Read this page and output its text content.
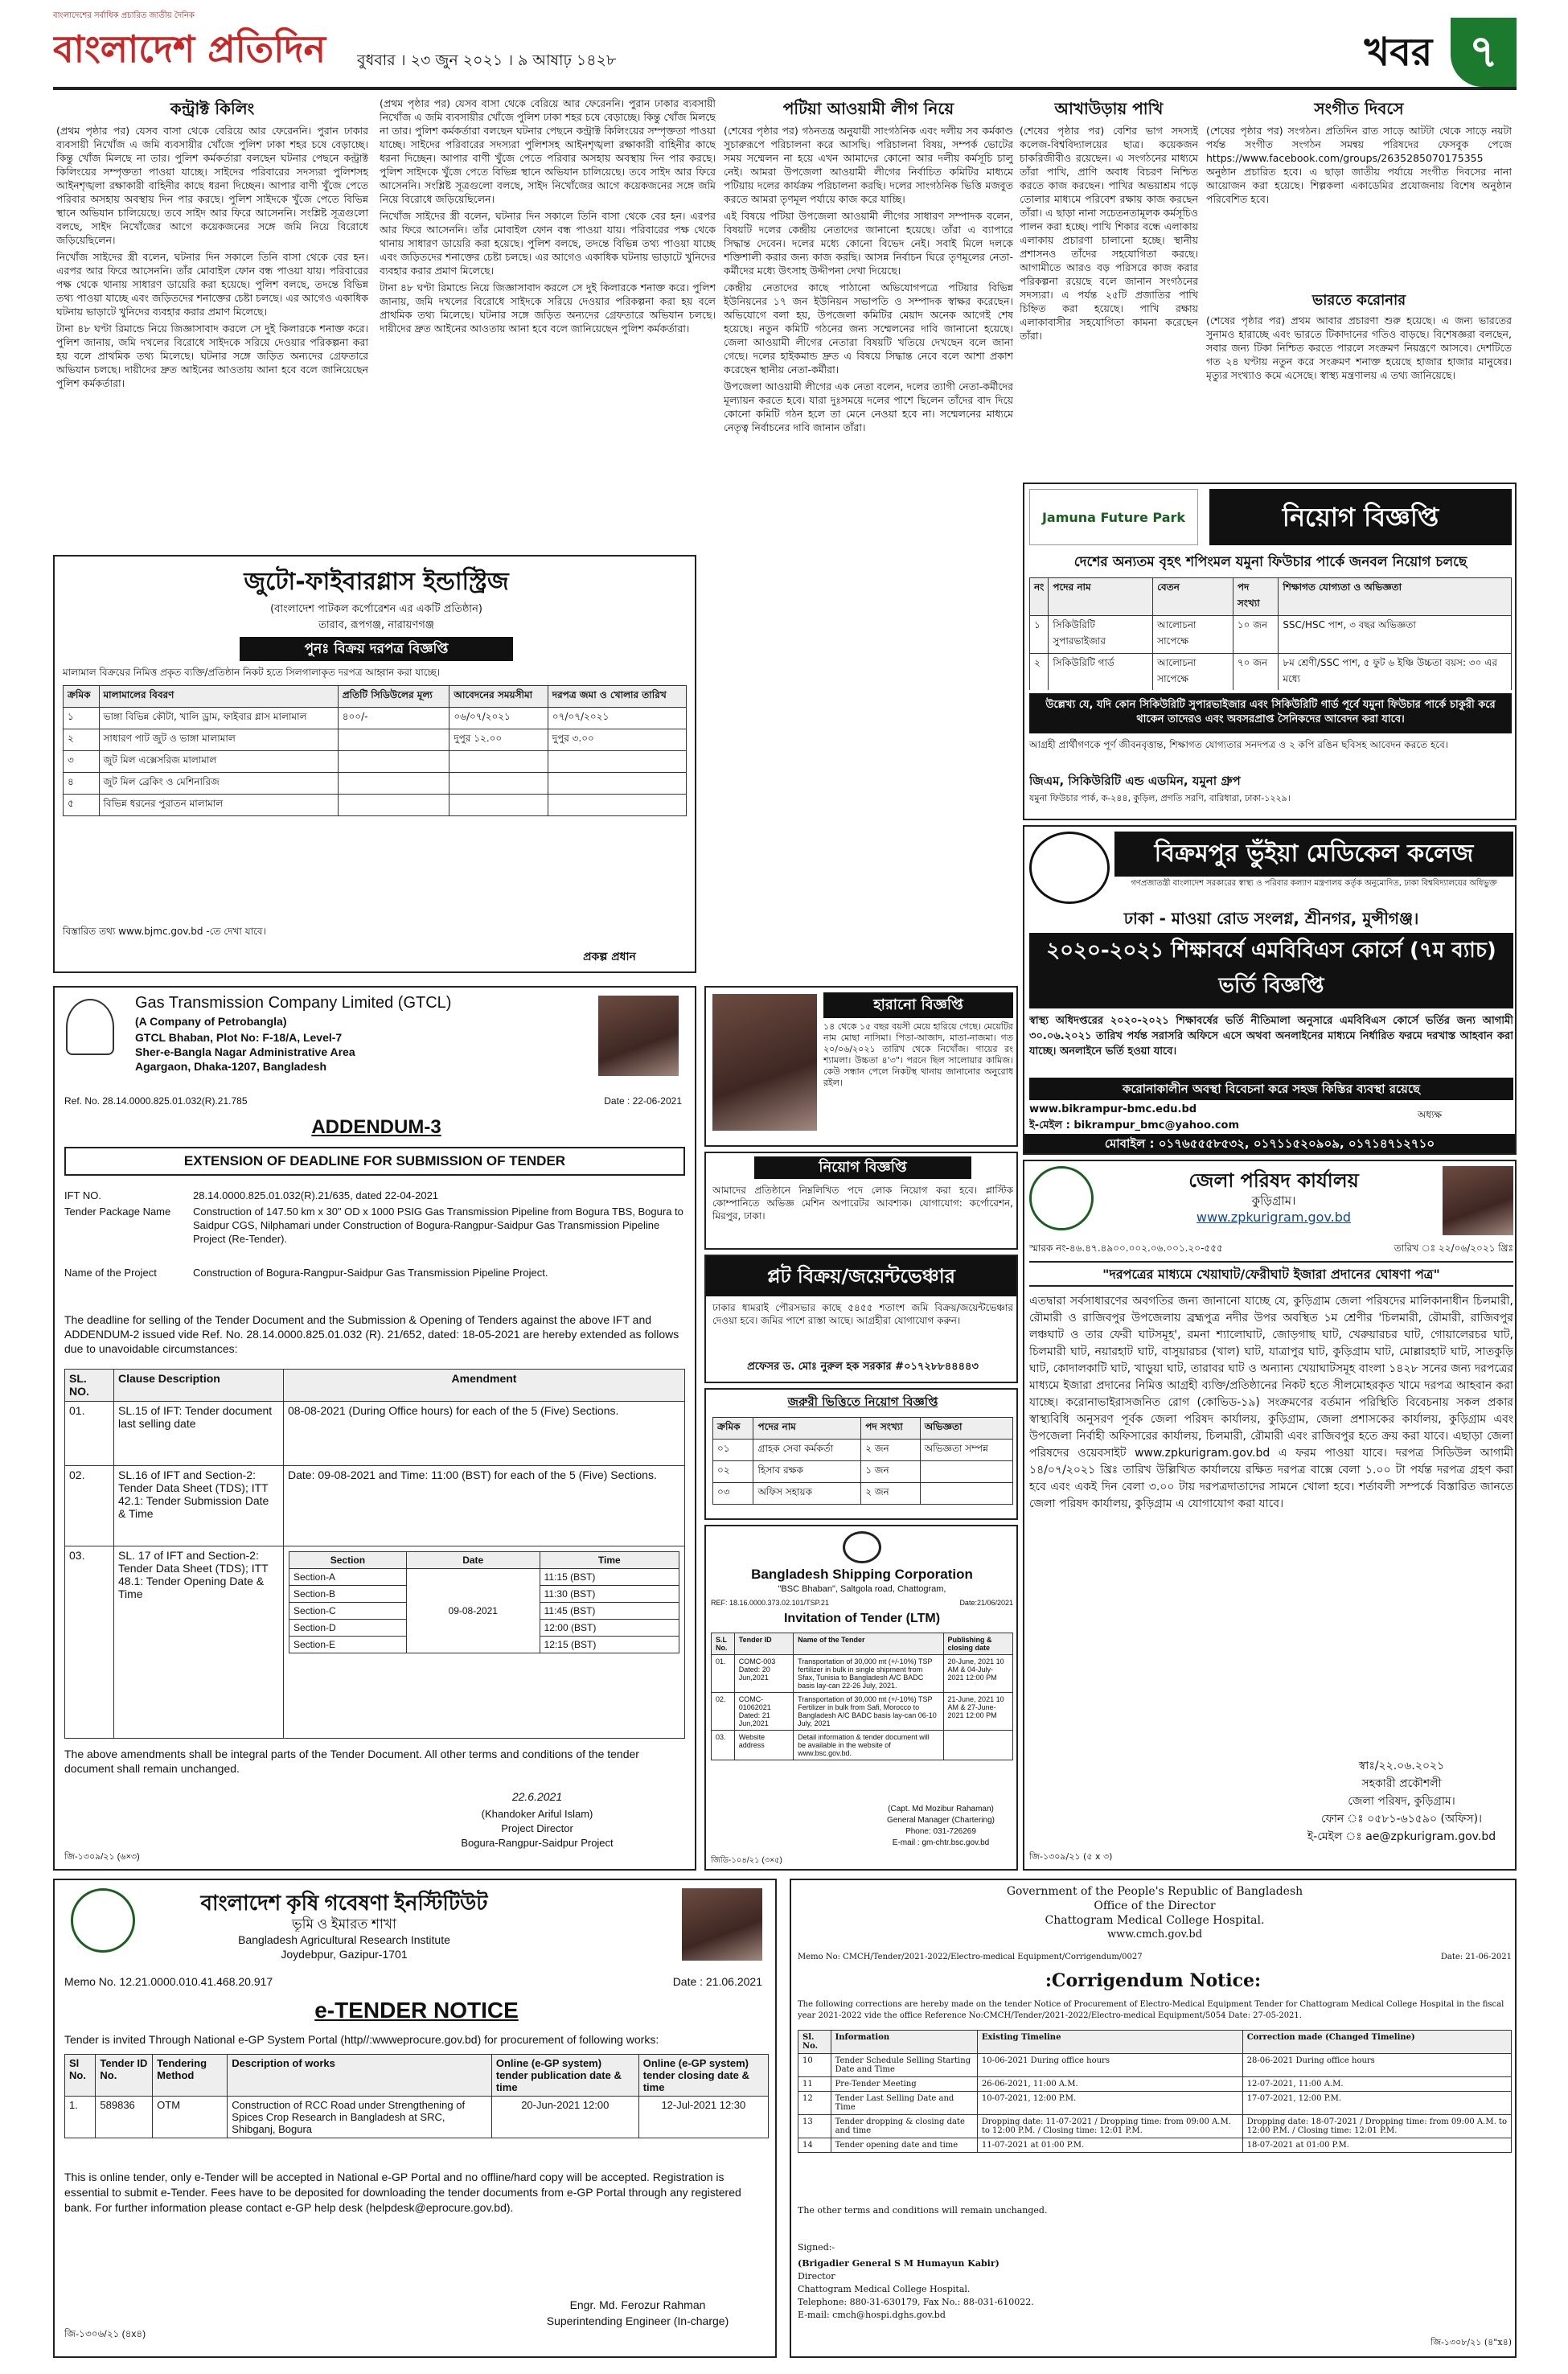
বাংলাদেশের সর্বাধিক প্রচারিত জাতীয় দৈনিক
বাংলাদেশ প্রতিদিন	বুধবার । ২৩ জুন ২০২১ । ৯ আষাঢ় ১৪২৮	খবর ৭
কন্ট্রাক্ট কিলিং

(প্রথম পৃষ্ঠার পর) যেসব বাসা থেকে বেরিয়ে আর ফেরেননি। পুরান ঢাকার ব্যবসায়ী নিখোঁজ এ জমি ব্যবসায়ীর খোঁজে পুলিশ ঢাকা শহর চষে বেড়াচ্ছে। কিন্তু খোঁজ মিলছে না তার। পুলিশ কর্মকর্তারা বলছেন ঘটনার পেছনে কন্ট্রাক্ট কিলিংয়ের সম্পৃক্ততা পাওয়া যাচ্ছে। সাইদের পরিবারের সদস্যরা পুলিশসহ আইনশৃঙ্খলা রক্ষাকারী বাহিনীর কাছে ধরনা দিচ্ছেন। আপার বাণী খুঁজে পেতে পরিবার অসহায় অবস্থায় দিন পার করছে। পুলিশ সাইদকে খুঁজে পেতে বিভিন্ন স্থানে অভিযান চালিয়েছে। তবে সাইদ আর ফিরে আসেননি। সংশ্লিষ্ট সূত্রগুলো বলছে, সাইদ নিখোঁজের আগে কয়েকজনের সঙ্গে জমি নিয়ে বিরোধে জড়িয়েছিলেন।

নিখোঁজ সাইদের স্ত্রী বলেন, ঘটনার দিন সকালে তিনি বাসা থেকে বের হন। এরপর আর ফিরে আসেননি। তাঁর মোবাইল ফোন বন্ধ পাওয়া যায়। পরিবারের পক্ষ থেকে থানায় সাধারণ ডায়েরি করা হয়েছে। পুলিশ বলছে, তদন্তে বিভিন্ন তথ্য পাওয়া যাচ্ছে এবং জড়িতদের শনাক্তের চেষ্টা চলছে। এর আগেও একাধিক ঘটনায় ভাড়াটে খুনিদের ব্যবহার করার প্রমাণ মিলেছে।

টানা ৪৮ ঘণ্টা রিমান্ডে নিয়ে জিজ্ঞাসাবাদ করলে সে দুই কিলারকে শনাক্ত করে। পুলিশ জানায়, জমি দখলের বিরোধে সাইদকে সরিয়ে দেওয়ার পরিকল্পনা করা হয় বলে প্রাথমিক তথ্য মিলেছে। ঘটনার সঙ্গে জড়িত অন্যদের গ্রেফতারে অভিযান চলছে। দায়ীদের দ্রুত আইনের আওতায় আনা হবে বলে জানিয়েছেন পুলিশ কর্মকর্তারা।

(প্রথম পৃষ্ঠার পর) যেসব বাসা থেকে বেরিয়ে আর ফেরেননি। পুরান ঢাকার ব্যবসায়ী নিখোঁজ এ জমি ব্যবসায়ীর খোঁজে পুলিশ ঢাকা শহর চষে বেড়াচ্ছে। কিন্তু খোঁজ মিলছে না তার। পুলিশ কর্মকর্তারা বলছেন ঘটনার পেছনে কন্ট্রাক্ট কিলিংয়ের সম্পৃক্ততা পাওয়া যাচ্ছে। সাইদের পরিবারের সদস্যরা পুলিশসহ আইনশৃঙ্খলা রক্ষাকারী বাহিনীর কাছে ধরনা দিচ্ছেন। আপার বাণী খুঁজে পেতে পরিবার অসহায় অবস্থায় দিন পার করছে। পুলিশ সাইদকে খুঁজে পেতে বিভিন্ন স্থানে অভিযান চালিয়েছে। তবে সাইদ আর ফিরে আসেননি। সংশ্লিষ্ট সূত্রগুলো বলছে, সাইদ নিখোঁজের আগে কয়েকজনের সঙ্গে জমি নিয়ে বিরোধে জড়িয়েছিলেন।

নিখোঁজ সাইদের স্ত্রী বলেন, ঘটনার দিন সকালে তিনি বাসা থেকে বের হন। এরপর আর ফিরে আসেননি। তাঁর মোবাইল ফোন বন্ধ পাওয়া যায়। পরিবারের পক্ষ থেকে থানায় সাধারণ ডায়েরি করা হয়েছে। পুলিশ বলছে, তদন্তে বিভিন্ন তথ্য পাওয়া যাচ্ছে এবং জড়িতদের শনাক্তের চেষ্টা চলছে। এর আগেও একাধিক ঘটনায় ভাড়াটে খুনিদের ব্যবহার করার প্রমাণ মিলেছে।

টানা ৪৮ ঘণ্টা রিমান্ডে নিয়ে জিজ্ঞাসাবাদ করলে সে দুই কিলারকে শনাক্ত করে। পুলিশ জানায়, জমি দখলের বিরোধে সাইদকে সরিয়ে দেওয়ার পরিকল্পনা করা হয় বলে প্রাথমিক তথ্য মিলেছে। ঘটনার সঙ্গে জড়িত অন্যদের গ্রেফতারে অভিযান চলছে। দায়ীদের দ্রুত আইনের আওতায় আনা হবে বলে জানিয়েছেন পুলিশ কর্মকর্তারা।

পটিয়া আওয়ামী লীগ নিয়ে

(শেষের পৃষ্ঠার পর) গঠনতন্ত্র অনুযায়ী সাংগঠনিক এবং দলীয় সব কর্মকাণ্ড সুচারুরূপে পরিচালনা করে আসছি। পরিচালনা বিষয়, সম্পর্ক ভোটের সময় সম্মেলন না হয়ে এখন আমাদের কোনো আর দলীয় কর্মসূচি চালু নেই। আমরা উপজেলা আওয়ামী লীগের নির্বাচিত কমিটির মাধ্যমে পটিয়ায় দলের কার্যক্রম পরিচালনা করছি। দলের সাংগঠনিক ভিত্তি মজবুত করতে আমরা তৃণমূল পর্যায়ে কাজ করে যাচ্ছি।

এই বিষয়ে পটিয়া উপজেলা আওয়ামী লীগের সাধারণ সম্পাদক বলেন, বিষয়টি দলের কেন্দ্রীয় নেতাদের জানানো হয়েছে। তাঁরা এ ব্যাপারে সিদ্ধান্ত দেবেন। দলের মধ্যে কোনো বিভেদ নেই। সবাই মিলে দলকে শক্তিশালী করার জন্য কাজ করছি। আসন্ন নির্বাচন ঘিরে তৃণমূলের নেতা-কর্মীদের মধ্যে উৎসাহ উদ্দীপনা দেখা দিয়েছে।

কেন্দ্রীয় নেতাদের কাছে পাঠানো অভিযোগপত্রে পটিয়ার বিভিন্ন ইউনিয়নের ১৭ জন ইউনিয়ন সভাপতি ও সম্পাদক স্বাক্ষর করেছেন। অভিযোগে বলা হয়, উপজেলা কমিটির মেয়াদ অনেক আগেই শেষ হয়েছে। নতুন কমিটি গঠনের জন্য সম্মেলনের দাবি জানানো হয়েছে। জেলা আওয়ামী লীগের নেতারা বিষয়টি খতিয়ে দেখছেন বলে জানা গেছে। দলের হাইকমান্ড দ্রুত এ বিষয়ে সিদ্ধান্ত নেবে বলে আশা প্রকাশ করেছেন স্থানীয় নেতা-কর্মীরা।

উপজেলা আওয়ামী লীগের এক নেতা বলেন, দলের ত্যাগী নেতা-কর্মীদের মূল্যায়ন করতে হবে। যারা দুঃসময়ে দলের পাশে ছিলেন তাঁদের বাদ দিয়ে কোনো কমিটি গঠন হলে তা মেনে নেওয়া হবে না। সম্মেলনের মাধ্যমে নেতৃত্ব নির্বাচনের দাবি জানান তাঁরা।

আখাউড়ায় পাখি
(শেষের পৃষ্ঠার পর) বেশির ভাগ সদস্যই কলেজ-বিশ্ববিদ্যালয়ের ছাত্র। কয়েকজন চাকরিজীবীও রয়েছেন। এ সংগঠনের মাধ্যমে তাঁরা পাখি, প্রাণি অবাধ বিচরণ নিশ্চিত করতে কাজ করছেন। পাখির অভয়াশ্রম গড়ে তোলার মাধ্যমে পরিবেশ রক্ষায় কাজ করছেন তাঁরা। এ ছাড়া নানা সচেতনতামূলক কর্মসূচিও পালন করা হচ্ছে। পাখি শিকার বন্ধে এলাকায় এলাকায় প্রচারণা চালানো হচ্ছে। স্থানীয় প্রশাসনও তাঁদের সহযোগিতা করছে। আগামীতে আরও বড় পরিসরে কাজ করার পরিকল্পনা রয়েছে বলে জানান সংগঠনের সদস্যরা। এ পর্যন্ত ২৫টি প্রজাতির পাখি চিহ্নিত করা হয়েছে। পাখি রক্ষায় এলাকাবাসীর সহযোগিতা কামনা করেছেন তাঁরা।
সংগীত দিবসে
(শেষের পৃষ্ঠার পর) সংগঠন। প্রতিদিন রাত সাড়ে আটটা থেকে সাড়ে নয়টা পর্যন্ত সংগীত সংগঠন সমন্বয় পরিষদের ফেসবুক পেজে https://www.facebook.com/groups/2635285070175355 অনুষ্ঠান প্রচারিত হবে। এ ছাড়া জাতীয় পর্যায়ে সংগীত দিবসের নানা আয়োজন করা হয়েছে। শিল্পকলা একাডেমির প্রযোজনায় বিশেষ অনুষ্ঠান পরিবেশিত হবে।
ভারতে করোনার
(শেষের পৃষ্ঠার পর) প্রথম আবার প্রচারণা শুরু হয়েছে। এ জন্য ভারতের সুনামও হারাচ্ছে এবং ভারতে টিকাদানের গতিও বাড়ছে। বিশেষজ্ঞরা বলছেন, সবার জন্য টিকা নিশ্চিত করতে পারলে সংক্রমণ নিয়ন্ত্রণে আসবে। দেশটিতে গত ২৪ ঘণ্টায় নতুন করে সংক্রমণ শনাক্ত হয়েছে হাজার হাজার মানুষের। মৃত্যুর সংখ্যাও কমে এসেছে। স্বাস্থ্য মন্ত্রণালয় এ তথ্য জানিয়েছে।
জুটো-ফাইবারগ্লাস ইন্ডাস্ট্রিজ
(বাংলাদেশ পাটকল কর্পোরেশন এর একটি প্রতিষ্ঠান)
তারাব, রূপগঞ্জ, নারায়ণগঞ্জ
পুনঃ বিক্রয় দরপত্র বিজ্ঞপ্তি
মালামাল বিক্রয়ের নিমিত্ত প্রকৃত ব্যক্তি/প্রতিষ্ঠান নিকট হতে সিলগালাকৃত দরপত্র আহ্বান করা যাচ্ছে।
ক্রমিক	মালামালের বিবরণ	প্রতিটি সিডিউলের মূল্য	আবেদনের সময়সীমা	দরপত্র জমা ও খোলার তারিখ
১	ভাঙ্গা বিভিন্ন কৌটা, খালি ড্রাম, ফাইবার গ্লাস মালামাল	৪০০/-	০৬/০৭/২০২১	০৭/০৭/২০২১
২	সাধারণ পাট জুট ও ভাঙ্গা মালামাল		দুপুর ১২.০০	দুপুর ৩.০০
৩	জুট মিল এক্সেসরিজ মালামাল			
৪	জুট মিল ব্রেকিং ও মেশিনারিজ			
৫	বিভিন্ন ধরনের পুরাতন মালামাল			
বিস্তারিত তথ্য www.bjmc.gov.bd -তে দেখা যাবে।
প্রকল্প প্রধান
Gas Transmission Company Limited (GTCL)
(A Company of Petrobangla)
GTCL Bhaban, Plot No: F-18/A, Level-7
Sher-e-Bangla Nagar Administrative Area
Agargaon, Dhaka-1207, Bangladesh
Ref. No. 28.14.0000.825.01.032(R).21.785	Date : 22-06-2021
ADDENDUM-3
EXTENSION OF DEADLINE FOR SUBMISSION OF TENDER
IFT NO.	28.14.0000.825.01.032(R).21/635, dated 22-04-2021
Tender Package Name	Construction of 147.50 km x 30" OD x 1000 PSIG Gas Transmission Pipeline from Bogura TBS, Bogura to Saidpur CGS, Nilphamari under Construction of Bogura-Rangpur-Saidpur Gas Transmission Pipeline Project (Re-Tender).
Name of the Project	Construction of Bogura-Rangpur-Saidpur Gas Transmission Pipeline Project.
The deadline for selling of the Tender Document and the Submission & Opening of Tenders against the above IFT and ADDENDUM-2 issued vide Ref. No. 28.14.0000.825.01.032 (R). 21/652, dated: 18-05-2021 are hereby extended as follows due to unavoidable circumstances:
SL. NO.	Clause Description	Amendment
01.	SL.15 of IFT: Tender document last selling date	08-08-2021 (During Office hours) for each of the 5 (Five) Sections.
02.	SL.16 of IFT and Section-2: Tender Data Sheet (TDS); ITT 42.1: Tender Submission Date & Time	Date: 09-08-2021 and Time: 11:00 (BST) for each of the 5 (Five) Sections.
03.	SL. 17 of IFT and Section-2: Tender Data Sheet (TDS); ITT 48.1: Tender Opening Date & Time	
Section	Date	Time
Section-A	09-08-2021	11:15 (BST)
Section-B	11:30 (BST)
Section-C	11:45 (BST)
Section-D	12:00 (BST)
Section-E	12:15 (BST)
The above amendments shall be integral parts of the Tender Document. All other terms and conditions of the tender document shall remain unchanged.
22.6.2021
(Khandoker Ariful Islam)
Project Director
Bogura-Rangpur-Saidpur Project
জি-১৩০৯/২১ (৬×৩)
হারানো বিজ্ঞপ্তি
১৪ থেকে ১৫ বছর বয়সী মেয়ে হারিয়ে গেছে। মেয়েটির নাম মোছা নাসিমা। পিতা-আজাদ, মাতা-নাজমা। গত ২০/০৬/২০২১ তারিখ থেকে নিখোঁজ। গায়ের রং শ্যামলা। উচ্চতা ৪'৩"। পরনে ছিল সালোয়ার কামিজ। কেউ সন্ধান পেলে নিকটস্থ থানায় জানানোর অনুরোধ রইল।
নিয়োগ বিজ্ঞপ্তি
আমাদের প্রতিষ্ঠানে নিম্নলিখিত পদে লোক নিয়োগ করা হবে। প্লাস্টিক কোম্পানিতে অভিজ্ঞ মেশিন অপারেটর আবশ্যক। যোগাযোগ: কর্পোরেশন, মিরপুর, ঢাকা।
প্লট বিক্রয়/জয়েন্টভেঞ্চার
ঢাকার ধামরাই পৌরসভার কাছে ৫৪৫৫ শতাংশ জমি বিক্রয়/জয়েন্টভেঞ্চার দেওয়া হবে। জমির পাশে রাস্তা আছে। আগ্রহীরা যোগাযোগ করুন।
প্রফেসর ড. মোঃ নুরুল হক সরকার #০১৭২৮৮৪৪৪৪৩
জরুরী ভিত্তিতে নিয়োগ বিজ্ঞপ্তি
ক্রমিক	পদের নাম	পদ সংখ্যা	অভিজ্ঞতা
০১	গ্রাহক সেবা কর্মকর্তা	২ জন	অভিজ্ঞতা সম্পন্ন
০২	হিসাব রক্ষক	১ জন	
০৩	অফিস সহায়ক	২ জন	
Bangladesh Shipping Corporation
"BSC Bhaban", Saltgola road, Chattogram,
REF: 18.16.0000.373.02.101/TSP.21	Date:21/06/2021
Invitation of Tender (LTM)
S.L No.	Tender ID	Name of the Tender	Publishing & closing date
01.	COMC-003 Dated: 20 Jun,2021	Transportation of 30,000 mt (+/-10%) TSP fertilizer in bulk in single shipment from Sfax, Tunisia to Bangladesh A/C BADC basis lay-can 22-26 July, 2021.	20-June, 2021 10 AM & 04-July-2021 12:00 PM
02.	COMC-01062021 Dated: 21 Jun,2021	Transportation of 30,000 mt (+/-10%) TSP Fertilizer in bulk from Safi, Morocco to Bangladesh A/C BADC basis lay-can 06-10 July, 2021	21-June, 2021 10 AM & 27-June-2021 12:00 PM
03.	Website address	Detail information & tender document will be available in the website of www.bsc.gov.bd.	
(Capt. Md Mozibur Rahaman)
General Manager (Chartering)
Phone: 031-726269
E-mail : gm-chtr.bsc.gov.bd
জিডি-১০৪/২১ (৩×৫)
Jamuna Future Park	নিয়োগ বিজ্ঞপ্তি
দেশের অন্যতম বৃহৎ শপিংমল যমুনা ফিউচার পার্কে জনবল নিয়োগ চলছে
নং	পদের নাম	বেতন	পদ সংখ্যা	শিক্ষাগত যোগ্যতা ও অভিজ্ঞতা
১	সিকিউরিটি সুপারভাইজার	আলোচনা সাপেক্ষে	১০ জন	SSC/HSC পাশ, ৩ বছর অভিজ্ঞতা
২	সিকিউরিটি গার্ড	আলোচনা সাপেক্ষে	৭০ জন	৮ম শ্রেণী/SSC পাশ, ৫ ফুট ৬ ইঞ্চি উচ্চতা বয়স: ৩০ এর মধ্যে
উল্লেখ্য যে, যদি কোন সিকিউরিটি সুপারভাইজার এবং সিকিউরিটি গার্ড পূর্বে যমুনা ফিউচার পার্কে চাকুরী করে থাকেন তাদেরও এবং অবসরপ্রাপ্ত সৈনিকদের আবেদন করা যাবে।
আগ্রহী প্রার্থীগণকে পূর্ণ জীবনবৃত্তান্ত, শিক্ষাগত যোগ্যতার সনদপত্র ও ২ কপি রঙিন ছবিসহ আবেদন করতে হবে।
জিএম, সিকিউরিটি এন্ড এডমিন, যমুনা গ্রুপ
যমুনা ফিউচার পার্ক, ক-২৪৪, কুড়িল, প্রগতি সরণি, বারিধারা, ঢাকা-১২২৯।
বিক্রমপুর ভুঁইয়া মেডিকেল কলেজ
গণপ্রজাতন্ত্রী বাংলাদেশ সরকারের স্বাস্থ্য ও পরিবার কল্যাণ মন্ত্রণালয় কর্তৃক অনুমোদিত, ঢাকা বিশ্ববিদ্যালয়ের অধিভুক্ত
ঢাকা - মাওয়া রোড সংলগ্ন, শ্রীনগর, মুন্সীগঞ্জ।
২০২০-২০২১ শিক্ষাবর্ষে এমবিবিএস কোর্সে (৭ম ব্যাচ) ভর্তি বিজ্ঞপ্তি
স্বাস্থ্য অধিদপ্তরের ২০২০-২০২১ শিক্ষাবর্ষের ভর্তি নীতিমালা অনুসারে এমবিবিএস কোর্সে ভর্তির জন্য আগামী ৩০.০৬.২০২১ তারিখ পর্যন্ত সরাসরি অফিসে এসে অথবা অনলাইনের মাধ্যমে নির্ধারিত ফরমে দরখাস্ত আহবান করা যাচ্ছে। অনলাইনে ভর্তি হওয়া যাবে।
করোনাকালীন অবস্থা বিবেচনা করে সহজ কিস্তির ব্যবস্থা রয়েছে
www.bikrampur-bmc.edu.bd
ই-মেইল : bikrampur_bmc@yahoo.com
অধ্যক্ষ
মোবাইল : ০১৭৬৫৫৫৮৫৩২, ০১৭১১৫২০৯০৯, ০১৭১৪৭১২৭১০
জেলা পরিষদ কার্যালয়
কুড়িগ্রাম।
www.zpkurigram.gov.bd
স্মারক নং-৪৬.৪৭.৪৯০০.০০২.০৬.০০১.২০-৫৫৫	তারিখ ঃ ২২/০৬/২০২১ খ্রিঃ
"দরপত্রের মাধ্যমে খেয়াঘাট/ফেরীঘাট ইজারা প্রদানের ঘোষণা পত্র"
এতদ্বারা সর্বসাধারণের অবগতির জন্য জানানো যাচ্ছে যে, কুড়িগ্রাম জেলা পরিষদের মালিকানাধীন চিলমারী, রৌমারী ও রাজিবপুর উপজেলায় ব্রহ্মপুত্র নদীর উপর অবস্থিত ১ম শ্রেণীর 'চিলমারী, রৌমারী, রাজিবপুর লঞ্চঘাট ও তার ফেরী ঘাটসমূহ', রমনা শ্যালোঘাট, জোড়গাছ ঘাট, খেরুয়ারচর ঘাট, গোয়ালেরচর ঘাট, চিলমারী ঘাট, নয়ারহাট ঘাট, বাসুয়ারচর (খাল) ঘাট, যাত্রাপুর ঘাট, কুড়িগ্রাম ঘাট, মোল্লারহাট ঘাট, সাতকুড়ি ঘাট, কোদালকাটি ঘাট, খাড়ুয়া ঘাট, তারাবর ঘাট ও অন্যান্য খেয়াঘাটসমূহ বাংলা ১৪২৮ সনের জন্য দরপত্রের মাধ্যমে ইজারা প্রদানের নিমিত্ত আগ্রহী ব্যক্তি/প্রতিষ্ঠানের নিকট হতে সীলমোহরকৃত খামে দরপত্র আহবান করা যাচ্ছে। করোনাভাইরাসজনিত রোগ (কোভিড-১৯) সংক্রমণের বর্তমান পরিস্থিতি বিবেচনায় সকল প্রকার স্বাস্থ্যবিধি অনুসরণ পূর্বক জেলা পরিষদ কার্যালয়, কুড়িগ্রাম, জেলা প্রশাসকের কার্যালয়, কুড়িগ্রাম এবং উপজেলা নির্বাহী অফিসারের কার্যালয়, চিলমারী, রৌমারী এবং রাজিবপুর হতে ক্রয় করা যাবে। এছাড়া জেলা পরিষদের ওয়েবসাইট www.zpkurigram.gov.bd এ ফরম পাওয়া যাবে। দরপত্র সিডিউল আগামী ১৪/০৭/২০২১ খ্রিঃ তারিখ উল্লিখিত কার্যালয়ে রক্ষিত দরপত্র বাক্সে বেলা ১.০০ টা পর্যন্ত দরপত্র গ্রহণ করা হবে এবং একই দিন বেলা ৩.০০ টায় দরপত্রদাতাদের সামনে খোলা হবে। শর্তাবলী সম্পর্কে বিস্তারিত জানতে জেলা পরিষদ কার্যালয়, কুড়িগ্রাম এ যোগাযোগ করা যাবে।
স্বাঃ/২২.০৬.২০২১
সহকারী প্রকৌশলী
জেলা পরিষদ, কুড়িগ্রাম।
ফোন ঃ ০৫৮১-৬১৫৯০ (অফিস)।
ই-মেইল ঃ ae@zpkurigram.gov.bd
জি-১৩০৯/২১ (৫ x ৩)
বাংলাদেশ কৃষি গবেষণা ইনস্টিটিউট
ভূমি ও ইমারত শাখা
Bangladesh Agricultural Research Institute
Joydebpur, Gazipur-1701
Memo No. 12.21.0000.010.41.468.20.917	Date : 21.06.2021
e-TENDER NOTICE
Tender is invited Through National e-GP System Portal (http//:wwweprocure.gov.bd) for procurement of following works:
Sl No.	Tender ID No.	Tendering Method	Description of works	Online (e-GP system) tender publication date & time	Online (e-GP system) tender closing date & time
1.	589836	OTM	Construction of RCC Road under Strengthening of Spices Crop Research in Bangladesh at SRC, Shibganj, Bogura	20-Jun-2021 12:00	12-Jul-2021 12:30
This is online tender, only e-Tender will be accepted in National e-GP Portal and no offline/hard copy will be accepted. Registration is essential to submit e-Tender. Fees have to be deposited for downloading the tender documents from e-GP Portal through any registered bank. For further information please contact e-GP help desk (helpdesk@eprocure.gov.bd).
Engr. Md. Ferozur Rahman
Superintending Engineer (In-charge)
জি-১৩০৬/২১ (৪x৪)
Government of the People's Republic of Bangladesh
Office of the Director
Chattogram Medical College Hospital.
www.cmch.gov.bd
Memo No: CMCH/Tender/2021-2022/Electro-medical Equipment/Corrigendum/0027	Date: 21-06-2021
:Corrigendum Notice:
The following corrections are hereby made on the tender Notice of Procurement of Electro-Medical Equipment Tender for Chattogram Medical College Hospital in the fiscal year 2021-2022 vide the office Reference No:CMCH/Tender/2021-2022/Electro-medical Equipment/5054 Date: 27-05-2021.
Sl. No.	Information	Existing Timeline	Correction made (Changed Timeline)
10	Tender Schedule Selling Starting Date and Time	10-06-2021 During office hours	28-06-2021 During office hours
11	Pre-Tender Meeting	26-06-2021, 11:00 A.M.	12-07-2021, 11:00 A.M.
12	Tender Last Selling Date and Time	10-07-2021, 12:00 P.M.	17-07-2021, 12:00 P.M.
13	Tender dropping & closing date and time	Dropping date: 11-07-2021 / Dropping time: from 09:00 A.M. to 12:00 P.M. / Closing time: 12:01 P.M.	Dropping date: 18-07-2021 / Dropping time: from 09:00 A.M. to 12:00 P.M. / Closing time: 12:01 P.M.
14	Tender opening date and time	11-07-2021 at 01:00 P.M.	18-07-2021 at 01:00 P.M.
The other terms and conditions will remain unchanged.
Signed:-
(Brigadier General S M Humayun Kabir)
Director
Chattogram Medical College Hospital.
Telephone: 880-31-630179, Fax No.: 88-031-610022.
E-mail: cmch@hospi.dghs.gov.bd
জি-১৩০৮/২১ (৪"x৪)
